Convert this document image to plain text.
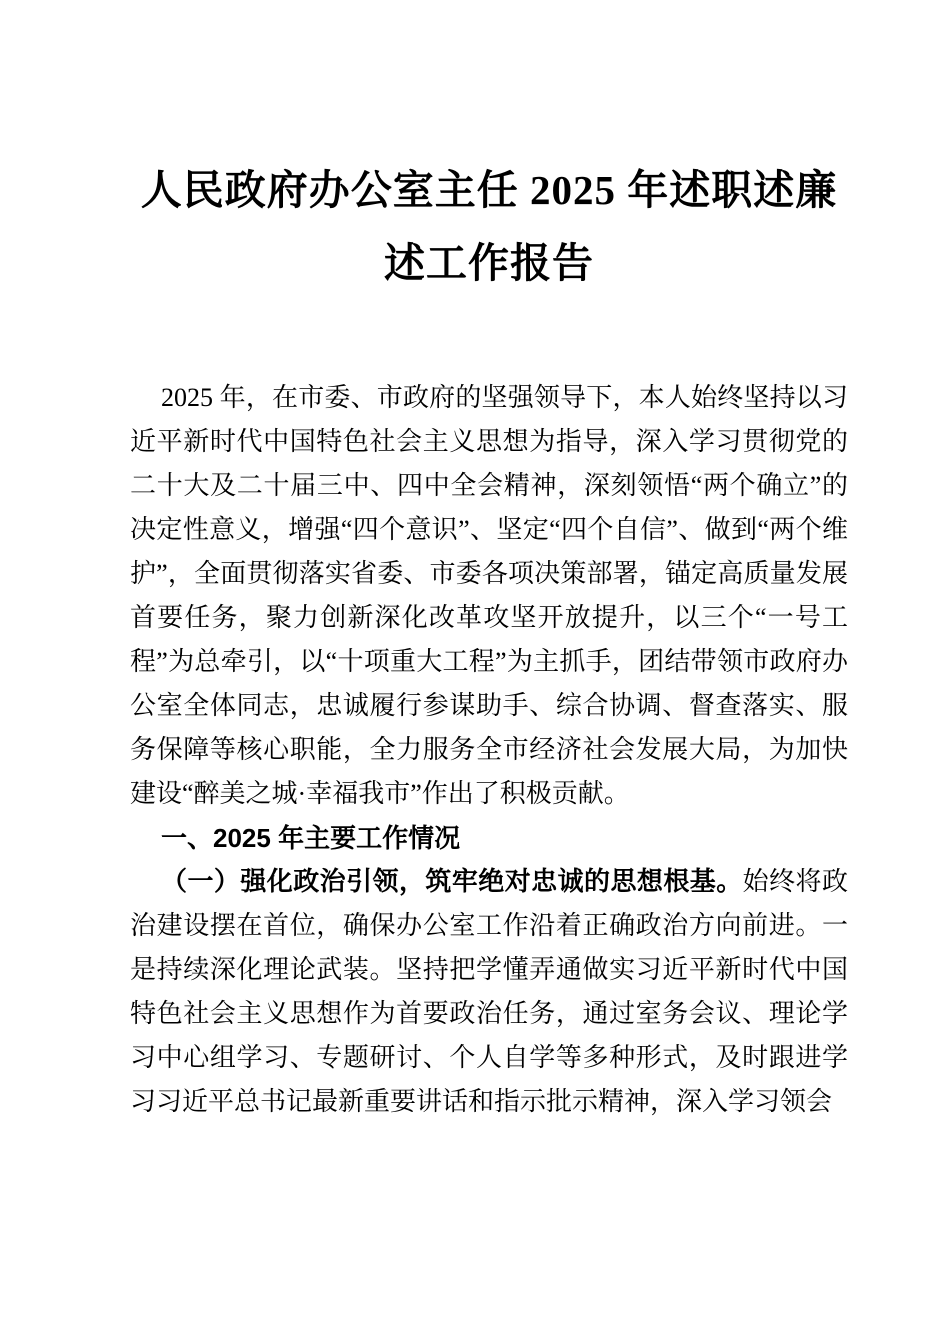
人民政府办公室主任 2025 年述职述廉述工作报告

2025 年，在市委、市政府的坚强领导下，本人始终坚持以习近平新时代中国特色社会主义思想为指导，深入学习贯彻党的二十大及二十届三中、四中全会精神，深刻领悟“两个确立”的决定性意义，增强“四个意识”、坚定“四个自信”、做到“两个维护”，全面贯彻落实省委、市委各项决策部署，锚定高质量发展首要任务，聚力创新深化改革攻坚开放提升，以三个“一号工程”为总牵引，以“十项重大工程”为主抓手，团结带领市政府办公室全体同志，忠诚履行参谋助手、综合协调、督查落实、服务保障等核心职能，全力服务全市经济社会发展大局，为加快建设“醉美之城·幸福我市”作出了积极贡献。

一、2025 年主要工作情况

（一）强化政治引领，筑牢绝对忠诚的思想根基。始终将政治建设摆在首位，确保办公室工作沿着正确政治方向前进。一是持续深化理论武装。坚持把学懂弄通做实习近平新时代中国特色社会主义思想作为首要政治任务，通过室务会议、理论学习中心组学习、专题研讨、个人自学等多种形式，及时跟进学习习近平总书记最新重要讲话和指示批示精神，深入学习领会
